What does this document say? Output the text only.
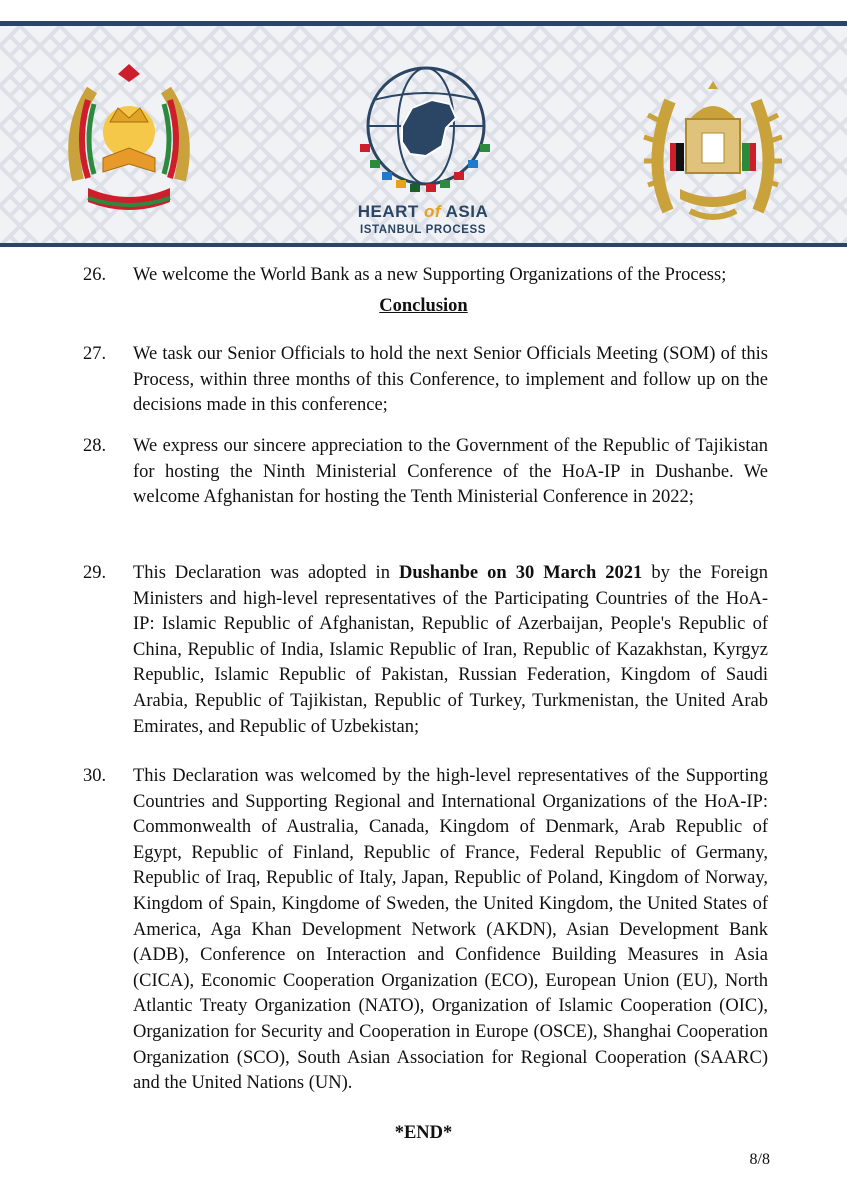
HEART of ASIA
ISTANBUL PROCESS
26.	We welcome the World Bank as a new Supporting Organizations of the Process;
Conclusion
27.	We task our Senior Officials to hold the next Senior Officials Meeting (SOM) of this Process, within three months of this Conference, to implement and follow up on the decisions made in this conference;
28.	We express our sincere appreciation to the Government of the Republic of Tajikistan for hosting the Ninth Ministerial Conference of the HoA-IP in Dushanbe. We welcome Afghanistan for hosting the Tenth Ministerial Conference in 2022;
29.	This Declaration was adopted in Dushanbe on 30 March 2021 by the Foreign Ministers and high-level representatives of the Participating Countries of the HoA-IP: Islamic Republic of Afghanistan, Republic of Azerbaijan, People's Republic of China, Republic of India, Islamic Republic of Iran, Republic of Kazakhstan, Kyrgyz Republic, Islamic Republic of Pakistan, Russian Federation, Kingdom of Saudi Arabia, Republic of Tajikistan, Republic of Turkey, Turkmenistan, the United Arab Emirates, and Republic of Uzbekistan;
30.	This Declaration was welcomed by the high-level representatives of the Supporting Countries and Supporting Regional and International Organizations of the HoA-IP: Commonwealth of Australia, Canada, Kingdom of Denmark, Arab Republic of Egypt, Republic of Finland, Republic of France, Federal Republic of Germany, Republic of Iraq, Republic of Italy, Japan, Republic of Poland, Kingdom of Norway, Kingdom of Spain, Kingdome of Sweden, the United Kingdom, the United States of America, Aga Khan Development Network (AKDN), Asian Development Bank (ADB), Conference on Interaction and Confidence Building Measures in Asia (CICA), Economic Cooperation Organization (ECO), European Union (EU), North Atlantic Treaty Organization (NATO), Organization of Islamic Cooperation (OIC), Organization for Security and Cooperation in Europe (OSCE), Shanghai Cooperation Organization (SCO), South Asian Association for Regional Cooperation (SAARC) and the United Nations (UN).
*END*
8/8
